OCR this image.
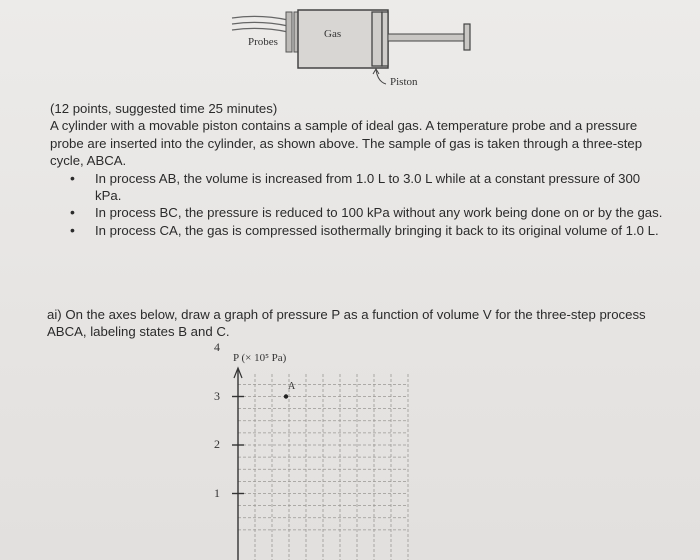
Probes
Gas
Piston

(12 points, suggested time 25 minutes)

A cylinder with a movable piston contains a sample of ideal gas. A temperature probe and a pressure probe are inserted into the cylinder, as shown above. The sample of gas is taken through a three-step cycle, ABCA.

• In process AB, the volume is increased from 1.0 L to 3.0 L while at a constant pressure of 300 kPa.
• In process BC, the pressure is reduced to 100 kPa without any work being done on or by the gas.
• In process CA, the gas is compressed isothermally bringing it back to its original volume of 1.0 L.

ai) On the axes below, draw a graph of pressure P as a function of volume V for the three-step process ABCA, labeling states B and C.

P (× 10⁵ Pa)
1
2
3
4
A
